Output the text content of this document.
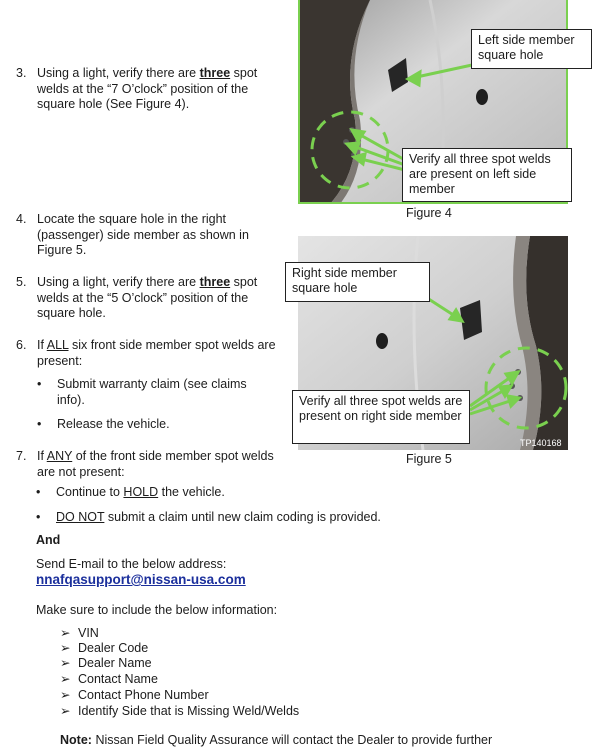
3. Using a light, verify there are three spot welds at the “7 O’clock” position of the square hole (See Figure 4).
Left side member square hole
Verify all three spot welds are present on left side member
Figure 4
4. Locate the square hole in the right (passenger) side member as shown in Figure 5.
5. Using a light, verify there are three spot welds at the “5 O’clock” position of the square hole.
TP140168
Right side member square hole
Verify all three spot welds are present on right side member
Figure 5
6. If ALL six front side member spot welds are present:
• Submit warranty claim (see claims info).
• Release the vehicle.
7. If ANY of the front side member spot welds are not present:
• Continue to HOLD the vehicle.
• DO NOT submit a claim until new claim coding is provided.
And
Send E-mail to the below address:
nnafqasupport@nissan-usa.com
Make sure to include the below information:
➢ VIN
➢ Dealer Code
➢ Dealer Name
➢ Contact Name
➢ Contact Phone Number
➢ Identify Side that is Missing Weld/Welds
Note: Nissan Field Quality Assurance will contact the Dealer to provide further
